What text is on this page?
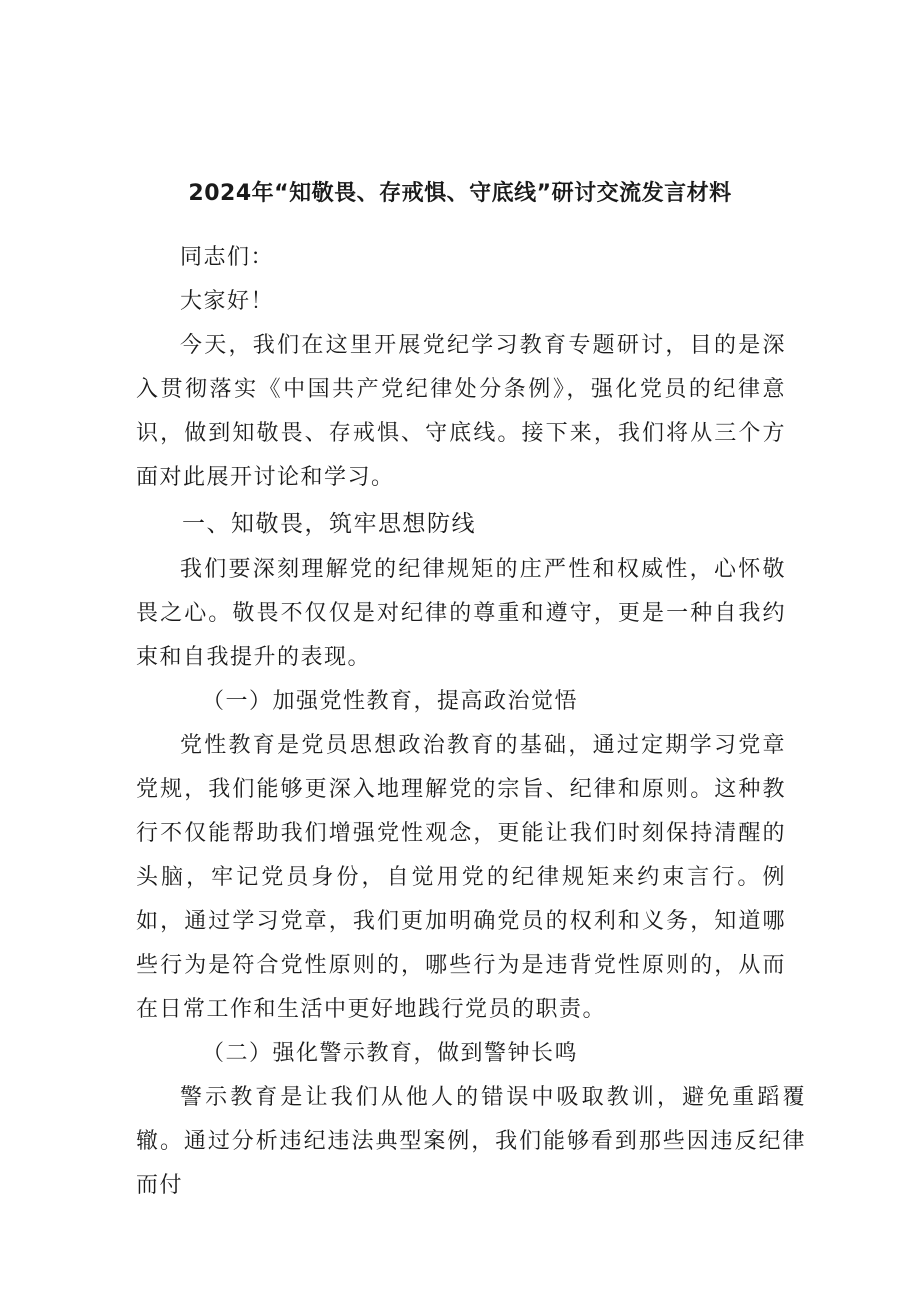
2024年“知敬畏、存戒惧、守底线”研讨交流发言材料

同志们：

大家好！

今天，我们在这里开展党纪学习教育专题研讨，目的是深入贯彻落实《中国共产党纪律处分条例》，强化党员的纪律意识，做到知敬畏、存戒惧、守底线。接下来，我们将从三个方面对此展开讨论和学习。

一、知敬畏，筑牢思想防线

我们要深刻理解党的纪律规矩的庄严性和权威性，心怀敬畏之心。敬畏不仅仅是对纪律的尊重和遵守，更是一种自我约束和自我提升的表现。

（一）加强党性教育，提高政治觉悟

党性教育是党员思想政治教育的基础，通过定期学习党章党规，我们能够更深入地理解党的宗旨、纪律和原则。这种教行不仅能帮助我们增强党性观念，更能让我们时刻保持清醒的头脑，牢记党员身份，自觉用党的纪律规矩来约束言行。例如，通过学习党章，我们更加明确党员的权利和义务，知道哪些行为是符合党性原则的，哪些行为是违背党性原则的，从而在日常工作和生活中更好地践行党员的职责。

（二）强化警示教育，做到警钟长鸣

警示教育是让我们从他人的错误中吸取教训，避免重蹈覆辙。通过分析违纪违法典型案例，我们能够看到那些因违反纪律而付
